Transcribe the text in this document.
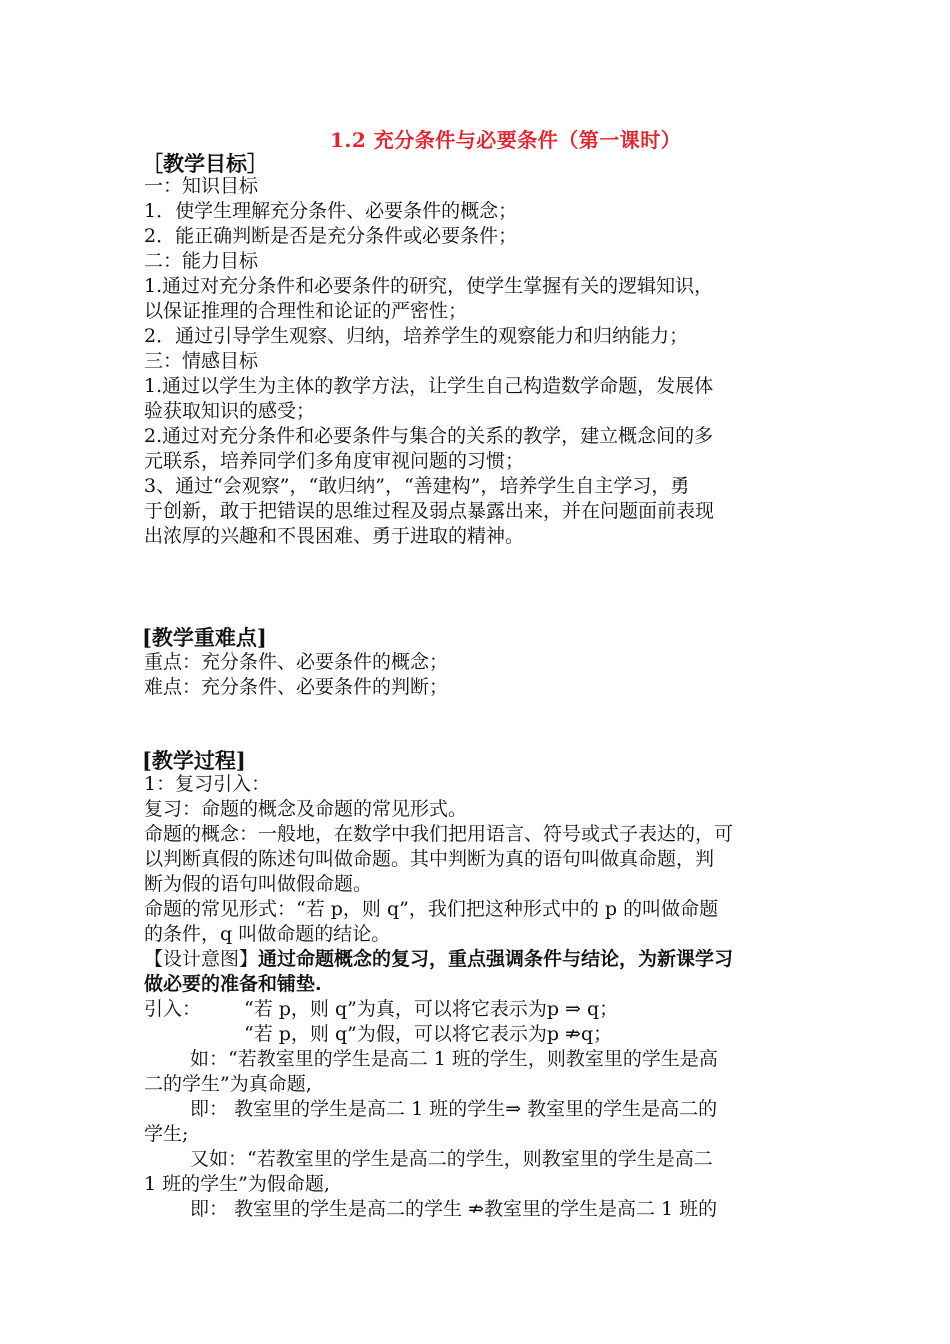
1.2 充分条件与必要条件（第一课时）
［教学目标］
一：知识目标
1．使学生理解充分条件、必要条件的概念；
2．能正确判断是否是充分条件或必要条件；
二：能力目标
1.通过对充分条件和必要条件的研究，使学生掌握有关的逻辑知识，
以保证推理的合理性和论证的严密性；
2．通过引导学生观察、归纳，培养学生的观察能力和归纳能力；
三：情感目标
1.通过以学生为主体的教学方法，让学生自己构造数学命题，发展体
验获取知识的感受；
2.通过对充分条件和必要条件与集合的关系的教学，建立概念间的多
元联系，培养同学们多角度审视问题的习惯；
3、通过“会观察”，“敢归纳”，“善建构”，培养学生自主学习，勇
于创新，敢于把错误的思维过程及弱点暴露出来，并在问题面前表现
出浓厚的兴趣和不畏困难、勇于进取的精神。
[教学重难点]
重点：充分条件、必要条件的概念；
难点：充分条件、必要条件的判断；
[教学过程]
1：复习引入：
复习：命题的概念及命题的常见形式。
命题的概念：一般地，在数学中我们把用语言、符号或式子表达的，可
以判断真假的陈述句叫做命题。其中判断为真的语句叫做真命题，判
断为假的语句叫做假命题。
命题的常见形式：“若 p，则 q”，我们把这种形式中的 p 的叫做命题
的条件，q 叫做命题的结论。
【设计意图】通过命题概念的复习，重点强调条件与结论，为新课学习
做必要的准备和铺垫.
引入： “若 p，则 q”为真，可以将它表示为p ⇒ q；
“若 p，则 q”为假，可以将它表示为p ⇏q；
如：“若教室里的学生是高二 1 班的学生，则教室里的学生是高
二的学生”为真命题,
即： 教室里的学生是高二 1 班的学生⇒ 教室里的学生是高二的
学生;
又如：“若教室里的学生是高二的学生，则教室里的学生是高二
1 班的学生”为假命题,
即： 教室里的学生是高二的学生 ⇏教室里的学生是高二 1 班的
